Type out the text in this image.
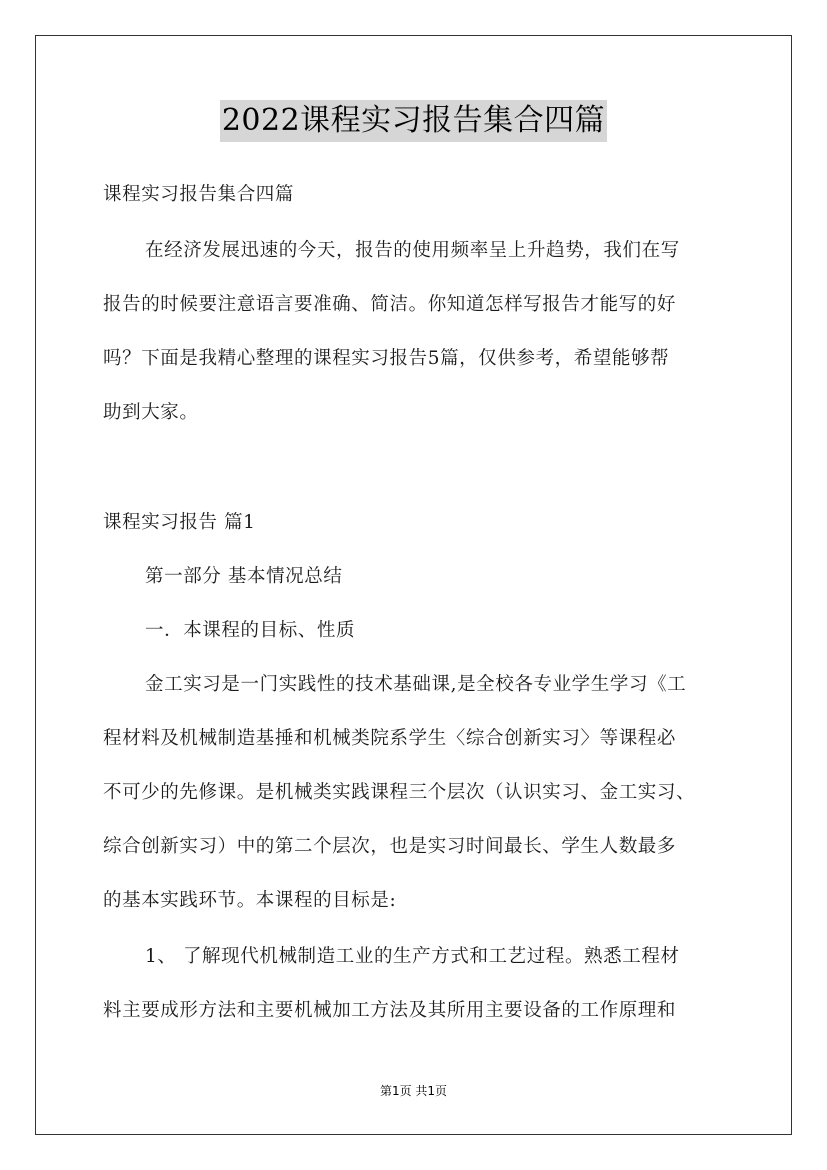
2022课程实习报告集合四篇
课程实习报告集合四篇
在经济发展迅速的今天，报告的使用频率呈上升趋势，我们在写
报告的时候要注意语言要准确、简洁。你知道怎样写报告才能写的好
吗？下面是我精心整理的课程实习报告5篇，仅供参考，希望能够帮
助到大家。
课程实习报告 篇1
第一部分 基本情况总结
一．本课程的目标、性质
金工实习是一门实践性的技术基础课,是全校各专业学生学习《工
程材料及机械制造基捶和机械类院系学生〈综合创新实习〉等课程必
不可少的先修课。是机械类实践课程三个层次（认识实习、金工实习、
综合创新实习）中的第二个层次，也是实习时间最长、学生人数最多
的基本实践环节。本课程的目标是:
1、 了解现代机械制造工业的生产方式和工艺过程。熟悉工程材
料主要成形方法和主要机械加工方法及其所用主要设备的工作原理和
第1页 共1页
